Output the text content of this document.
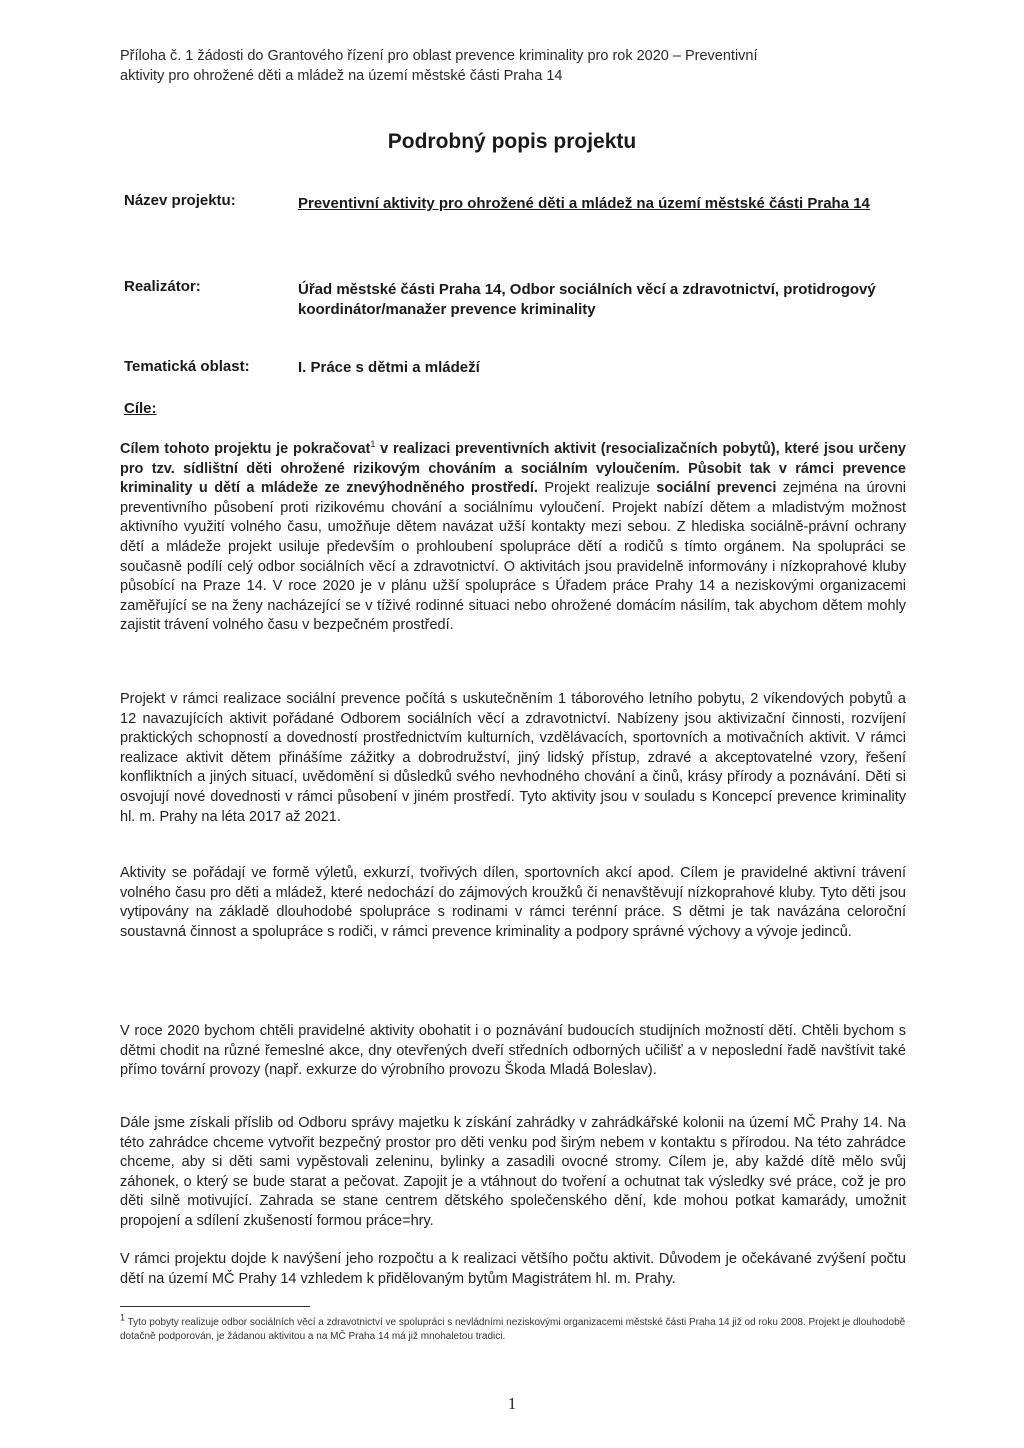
Příloha č. 1 žádosti do Grantového řízení pro oblast prevence kriminality pro rok 2020 – Preventivní
aktivity pro ohrožené děti a mládež na území městské části Praha 14
Podrobný popis projektu
Název projektu:	Preventivní aktivity pro ohrožené děti a mládež na území městské části Praha 14
Realizátor:	Úřad městské části Praha 14, Odbor sociálních věcí a zdravotnictví, protidrogový koordinátor/manažer prevence kriminality
Tematická oblast:	I. Práce s dětmi a mládeží
Cíle:
Cílem tohoto projektu je pokračovat$^1$ v realizaci preventivních aktivit (resocializačních pobytů), které jsou určeny pro tzv. sídlištní děti ohrožené rizikovým chováním a sociálním vyloučením. Působit tak v rámci prevence kriminality u dětí a mládeže ze znevýhodněného prostředí. Projekt realizuje sociální prevenci zejména na úrovni preventivního působení proti rizikovému chování a sociálnímu vyloučení. Projekt nabízí dětem a mladistvým možnost aktivního využití volného času, umožňuje dětem navázat užší kontakty mezi sebou. Z hlediska sociálně-právní ochrany dětí a mládeže projekt usiluje především o prohloubení spolupráce dětí a rodičů s tímto orgánem. Na spolupráci se současně podílí celý odbor sociálních věcí a zdravotnictví. O aktivitách jsou pravidelně informovány i nízkoprahové kluby působící na Praze 14. V roce 2020 je v plánu užší spolupráce s Úřadem práce Prahy 14 a neziskovými organizacemi zaměřující se na ženy nacházející se v tíživé rodinné situaci nebo ohrožené domácím násilím, tak abychom dětem mohly zajistit trávení volného času v bezpečném prostředí.
Projekt v rámci realizace sociální prevence počítá s uskutečněním 1 táborového letního pobytu, 2 víkendových pobytů a 12 navazujících aktivit pořádané Odborem sociálních věcí a zdravotnictví. Nabízeny jsou aktivizační činnosti, rozvíjení praktických schopností a dovedností prostřednictvím kulturních, vzdělávacích, sportovních a motivačních aktivit. V rámci realizace aktivit dětem přinášíme zážitky a dobrodružství, jiný lidský přístup, zdravé a akceptovatelné vzory, řešení konfliktních a jiných situací, uvědomění si důsledků svého nevhodného chování a činů, krásy přírody a poznávání. Děti si osvojují nové dovednosti v rámci působení v jiném prostředí. Tyto aktivity jsou v souladu s Koncepcí prevence kriminality hl. m. Prahy na léta 2017 až 2021.
Aktivity se pořádají ve formě výletů, exkurzí, tvořivých dílen, sportovních akcí apod. Cílem je pravidelné aktivní trávení volného času pro děti a mládež, které nedochází do zájmových kroužků či nenavštěvují nízkoprahové kluby. Tyto děti jsou vytipovány na základě dlouhodobé spolupráce s rodinami v rámci terénní práce. S dětmi je tak navázána celoroční soustavná činnost a spolupráce s rodiči, v rámci prevence kriminality a podpory správné výchovy a vývoje jedinců.
V roce 2020 bychom chtěli pravidelné aktivity obohatit i o poznávání budoucích studijních možností dětí. Chtěli bychom s dětmi chodit na různé řemeslné akce, dny otevřených dveří středních odborných učilišť a v neposlední řadě navštívit také přímo tovární provozy (např. exkurze do výrobního provozu Škoda Mladá Boleslav).
Dále jsme získali příslib od Odboru správy majetku k získání zahrádky v zahrádkářské kolonii na území MČ Prahy 14. Na této zahrádce chceme vytvořit bezpečný prostor pro děti venku pod širým nebem v kontaktu s přírodou. Na této zahrádce chceme, aby si děti sami vypěstovali zeleninu, bylinky a zasadili ovocné stromy. Cílem je, aby každé dítě mělo svůj záhonek, o který se bude starat a pečovat. Zapojit je a vtáhnout do tvoření a ochutnat tak výsledky své práce, což je pro děti silně motivující. Zahrada se stane centrem dětského společenského dění, kde mohou potkat kamarády, umožnit propojení a sdílení zkušeností formou práce=hry.
V rámci projektu dojde k navýšení jeho rozpočtu a k realizaci většího počtu aktivit. Důvodem je očekávané zvýšení počtu dětí na území MČ Prahy 14 vzhledem k přidělovaným bytům Magistrátem hl. m. Prahy.
1 Tyto pobyty realizuje odbor sociálních věcí a zdravotnictví ve spolupráci s nevládními neziskovými organizacemi městské části Praha 14 již od roku 2008. Projekt je dlouhodobě dotačně podporován, je žádanou aktivitou a na MČ Praha 14 má již mnohaletou tradici.
1
